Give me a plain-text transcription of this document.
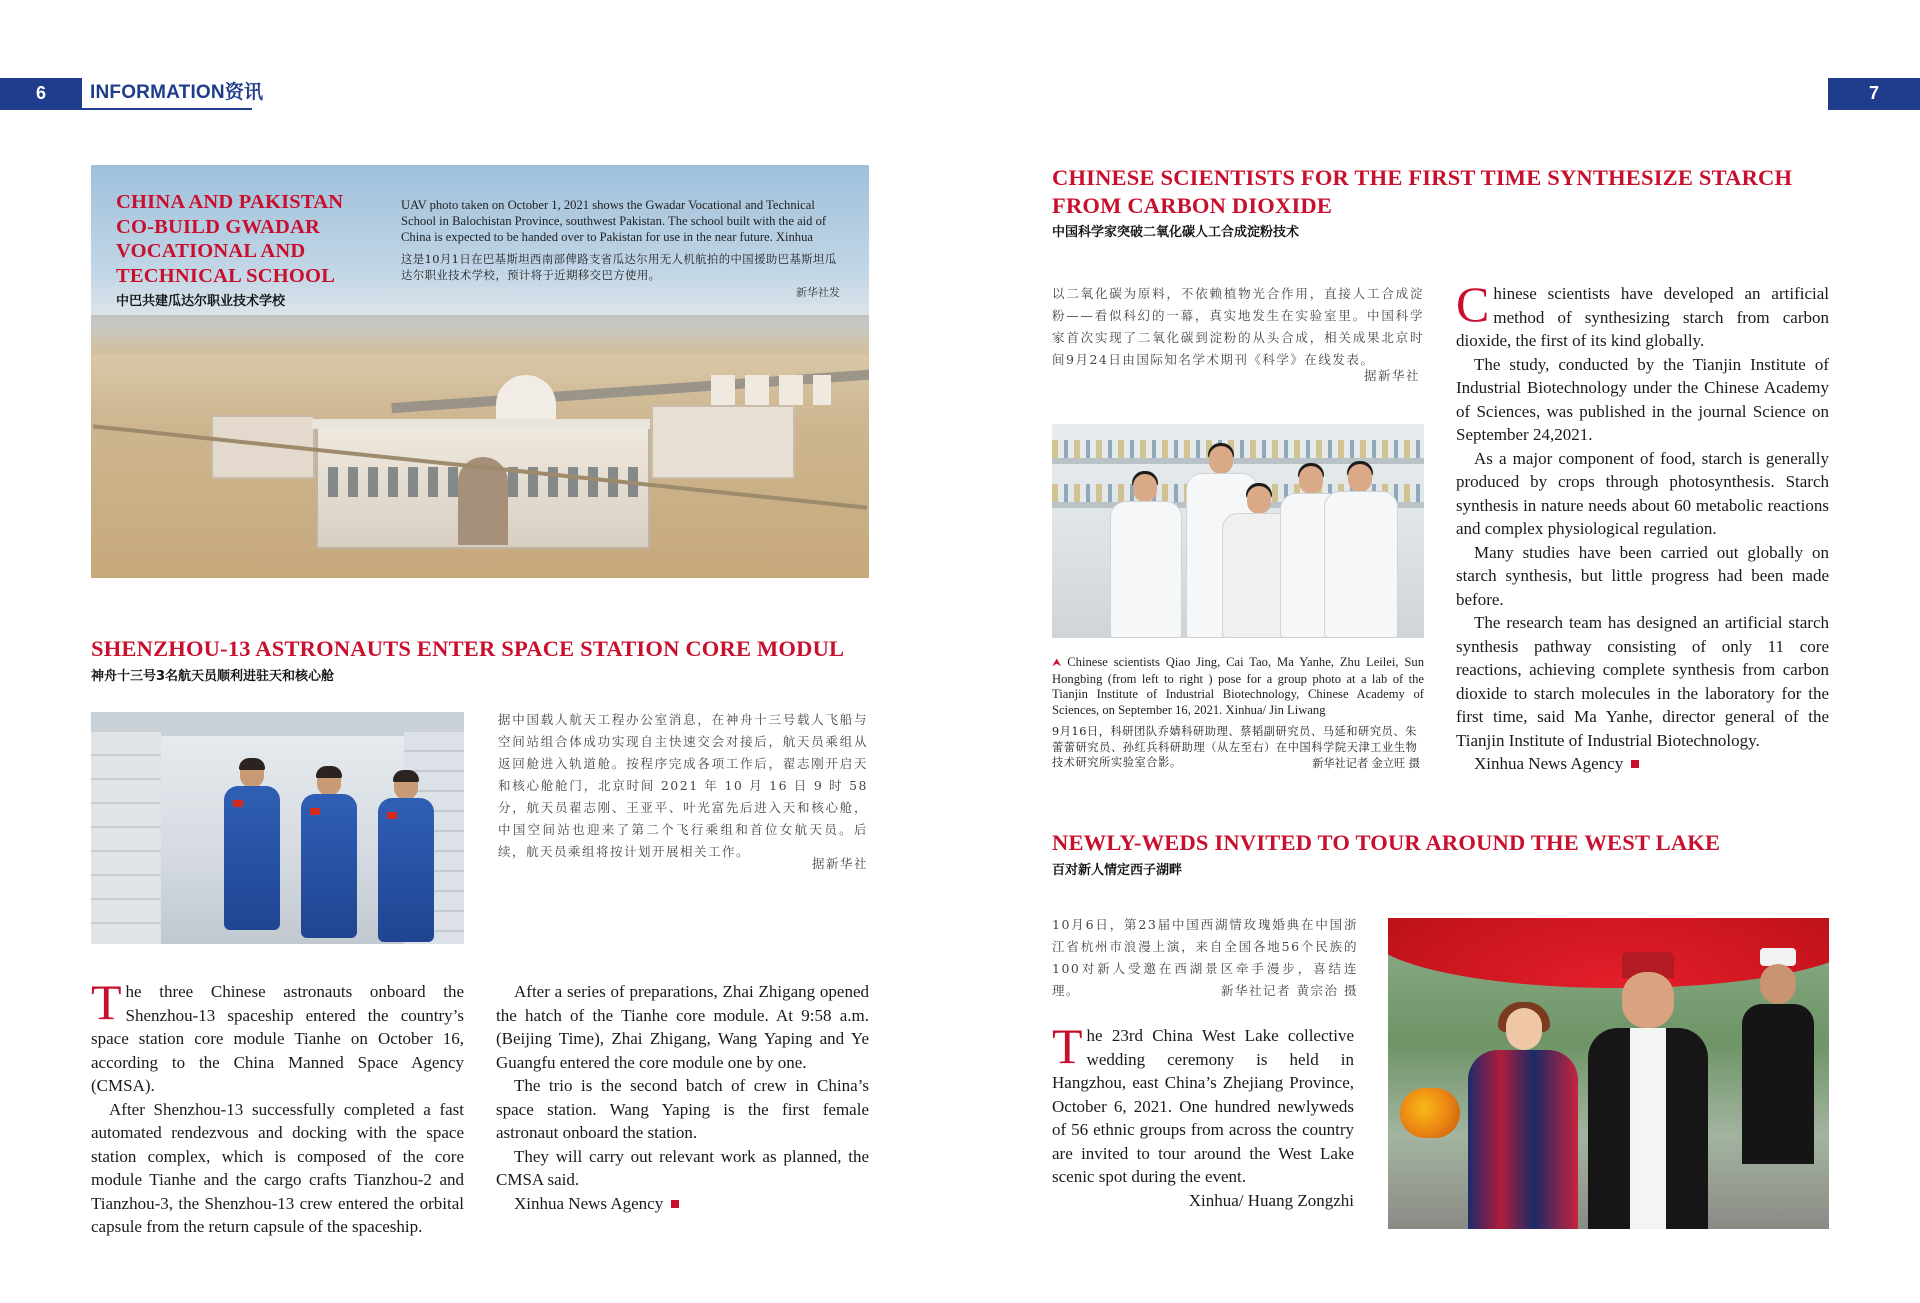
6	INFORMATION资讯	7
CHINA AND PAKISTAN CO-BUILD GWADAR VOCATIONAL AND TECHNICAL SCHOOL

中巴共建瓜达尔职业技术学校

UAV photo taken on October 1, 2021 shows the Gwadar Vocational and Technical School in Balochistan Province, southwest Pakistan. The school built with the aid of China is expected to be handed over to Pakistan for use in the near future. Xinhua

这是10月1日在巴基斯坦西南部俾路支省瓜达尔用无人机航拍的中国援助巴基斯坦瓜达尔职业技术学校，预计将于近期移交巴方使用。

新华社发
SHENZHOU-13 ASTRONAUTS ENTER SPACE STATION CORE MODUL

神舟十三号3名航天员顺利进驻天和核心舱

据中国载人航天工程办公室消息，在神舟十三号载人飞船与空间站组合体成功实现自主快速交会对接后，航天员乘组从返回舱进入轨道舱。按程序完成各项工作后，翟志刚开启天和核心舱舱门，北京时间 2021 年 10 月 16 日 9 时 58 分，航天员翟志刚、王亚平、叶光富先后进入天和核心舱，中国空间站也迎来了第二个飞行乘组和首位女航天员。后续，航天员乘组将按计划开展相关工作。

据新华社

The three Chinese astronauts onboard the Shenzhou-13 spaceship entered the country’s space station core module Tianhe on October 16, according to the China Manned Space Agency (CMSA).

After Shenzhou-13 successfully completed a fast automated rendezvous and docking with the space station complex, which is composed of the core module Tianhe and the cargo crafts Tianzhou-2 and Tianzhou-3, the Shenzhou-13 crew entered the orbital capsule from the return capsule of the spaceship.

After a series of preparations, Zhai Zhigang opened the hatch of the Tianhe core module. At 9:58 a.m. (Beijing Time), Zhai Zhigang, Wang Yaping and Ye Guangfu entered the core module one by one.

The trio is the second batch of crew in China’s space station. Wang Yaping is the first female astronaut onboard the station.

They will carry out relevant work as planned, the CMSA said.

Xinhua News Agency

CHINESE SCIENTISTS FOR THE FIRST TIME SYNTHESIZE STARCH FROM CARBON DIOXIDE

中国科学家突破二氧化碳人工合成淀粉技术

以二氧化碳为原料，不依赖植物光合作用，直接人工合成淀粉——看似科幻的一幕，真实地发生在实验室里。中国科学家首次实现了二氧化碳到淀粉的从头合成，相关成果北京时间9月24日由国际知名学术期刊《科学》在线发表。

据新华社

⮝ Chinese scientists Qiao Jing, Cai Tao, Ma Yanhe, Zhu Leilei, Sun Hongbing (from left to right ) pose for a group photo at a lab of the Tianjin Institute of Industrial Biotechnology, Chinese Academy of Sciences, on September 16, 2021. Xinhua/ Jin Liwang

9月16日，科研团队乔婧科研助理、蔡韬副研究员、马延和研究员、朱蕾蕾研究员、孙红兵科研助理（从左至右）在中国科学院天津工业生物技术研究所实验室合影。	新华社记者 金立旺 摄

Chinese scientists have developed an artificial method of synthesizing starch from carbon dioxide, the first of its kind globally.

The study, conducted by the Tianjin Institute of Industrial Biotechnology under the Chinese Academy of Sciences, was published in the journal Science on September 24,2021.

As a major component of food, starch is generally produced by crops through photosynthesis. Starch synthesis in nature needs about 60 metabolic reactions and complex physiological regulation.

Many studies have been carried out globally on starch synthesis, but little progress had been made before.

The research team has designed an artificial starch synthesis pathway consisting of only 11 core reactions, achieving complete synthesis from carbon dioxide to starch molecules in the laboratory for the first time, said Ma Yanhe, director general of the Tianjin Institute of Industrial Biotechnology.

Xinhua News Agency

NEWLY-WEDS INVITED TO TOUR AROUND THE WEST LAKE

百对新人情定西子湖畔

10月6日，第23届中国西湖情玫瑰婚典在中国浙江省杭州市浪漫上演，来自全国各地56个民族的100对新人受邀在西湖景区牵手漫步，喜结连理。	新华社记者 黄宗治 摄

The 23rd China West Lake collective wedding ceremony is held in Hangzhou, east China’s Zhejiang Province, October 6, 2021. One hundred newlyweds of 56 ethnic groups from across the country are invited to tour around the West Lake scenic spot during the event.

Xinhua/ Huang Zongzhi
